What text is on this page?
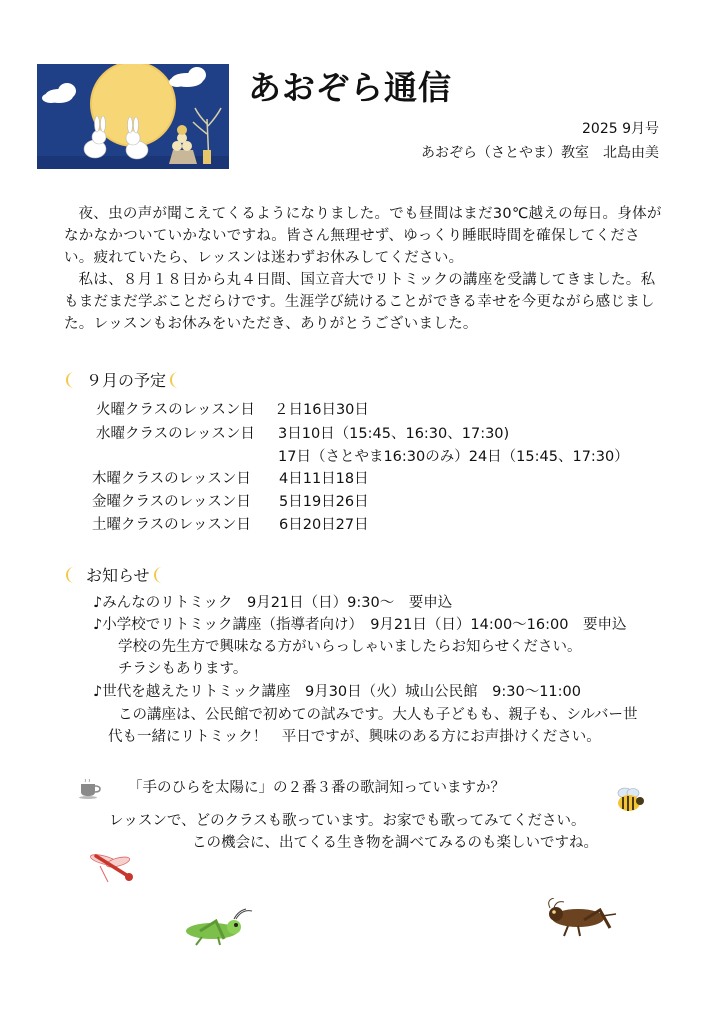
あおぞら通信
2025 9月号
あおぞら（さとやま）教室　北島由美

夜、虫の声が聞こえてくるようになりました。でも昼間はまだ30℃越えの毎日。身体がなかなかついていかないですね。皆さん無理せず、ゆっくり睡眠時間を確保してください。疲れていたら、レッスンは迷わずお休みしてください。

私は、８月１８日から丸４日間、国立音大でリトミックの講座を受講してきました。私もまだまだ学ぶことだらけです。生涯学び続けることができる幸せを今更ながら感じました。レッスンもお休みをいただき、ありがとうございました。

９月の予定
火曜クラスのレッスン日 ２日16日30日
水曜クラスのレッスン日 3日10日（15:45、16:30、17:30)
17日（さとやま16:30のみ）24日（15:45、17:30）
木曜クラスのレッスン日 4日11日18日
金曜クラスのレッスン日 5日19日26日
土曜クラスのレッスン日 6日20日27日
お知らせ
♪みんなのリトミック　9月21日（日）9:30〜　要申込
♪小学校でリトミック講座（指導者向け）　9月21日（日）14:00〜16:00　要申込
学校の先生方で興味なる方がいらっしゃいましたらお知らせください。
チラシもあります。
♪世代を越えたリトミック講座　9月30日（火）城山公民館　9:30〜11:00
この講座は、公民館で初めての試みです。大人も子どもも、親子も、シルバー世
代も一緒にリトミック！　平日ですが、興味のある方にお声掛けください。
「手のひらを太陽に」の２番３番の歌詞知っていますか？
レッスンで、どのクラスも歌っています。お家でも歌ってみてください。
この機会に、出てくる生き物を調べてみるのも楽しいですね。
